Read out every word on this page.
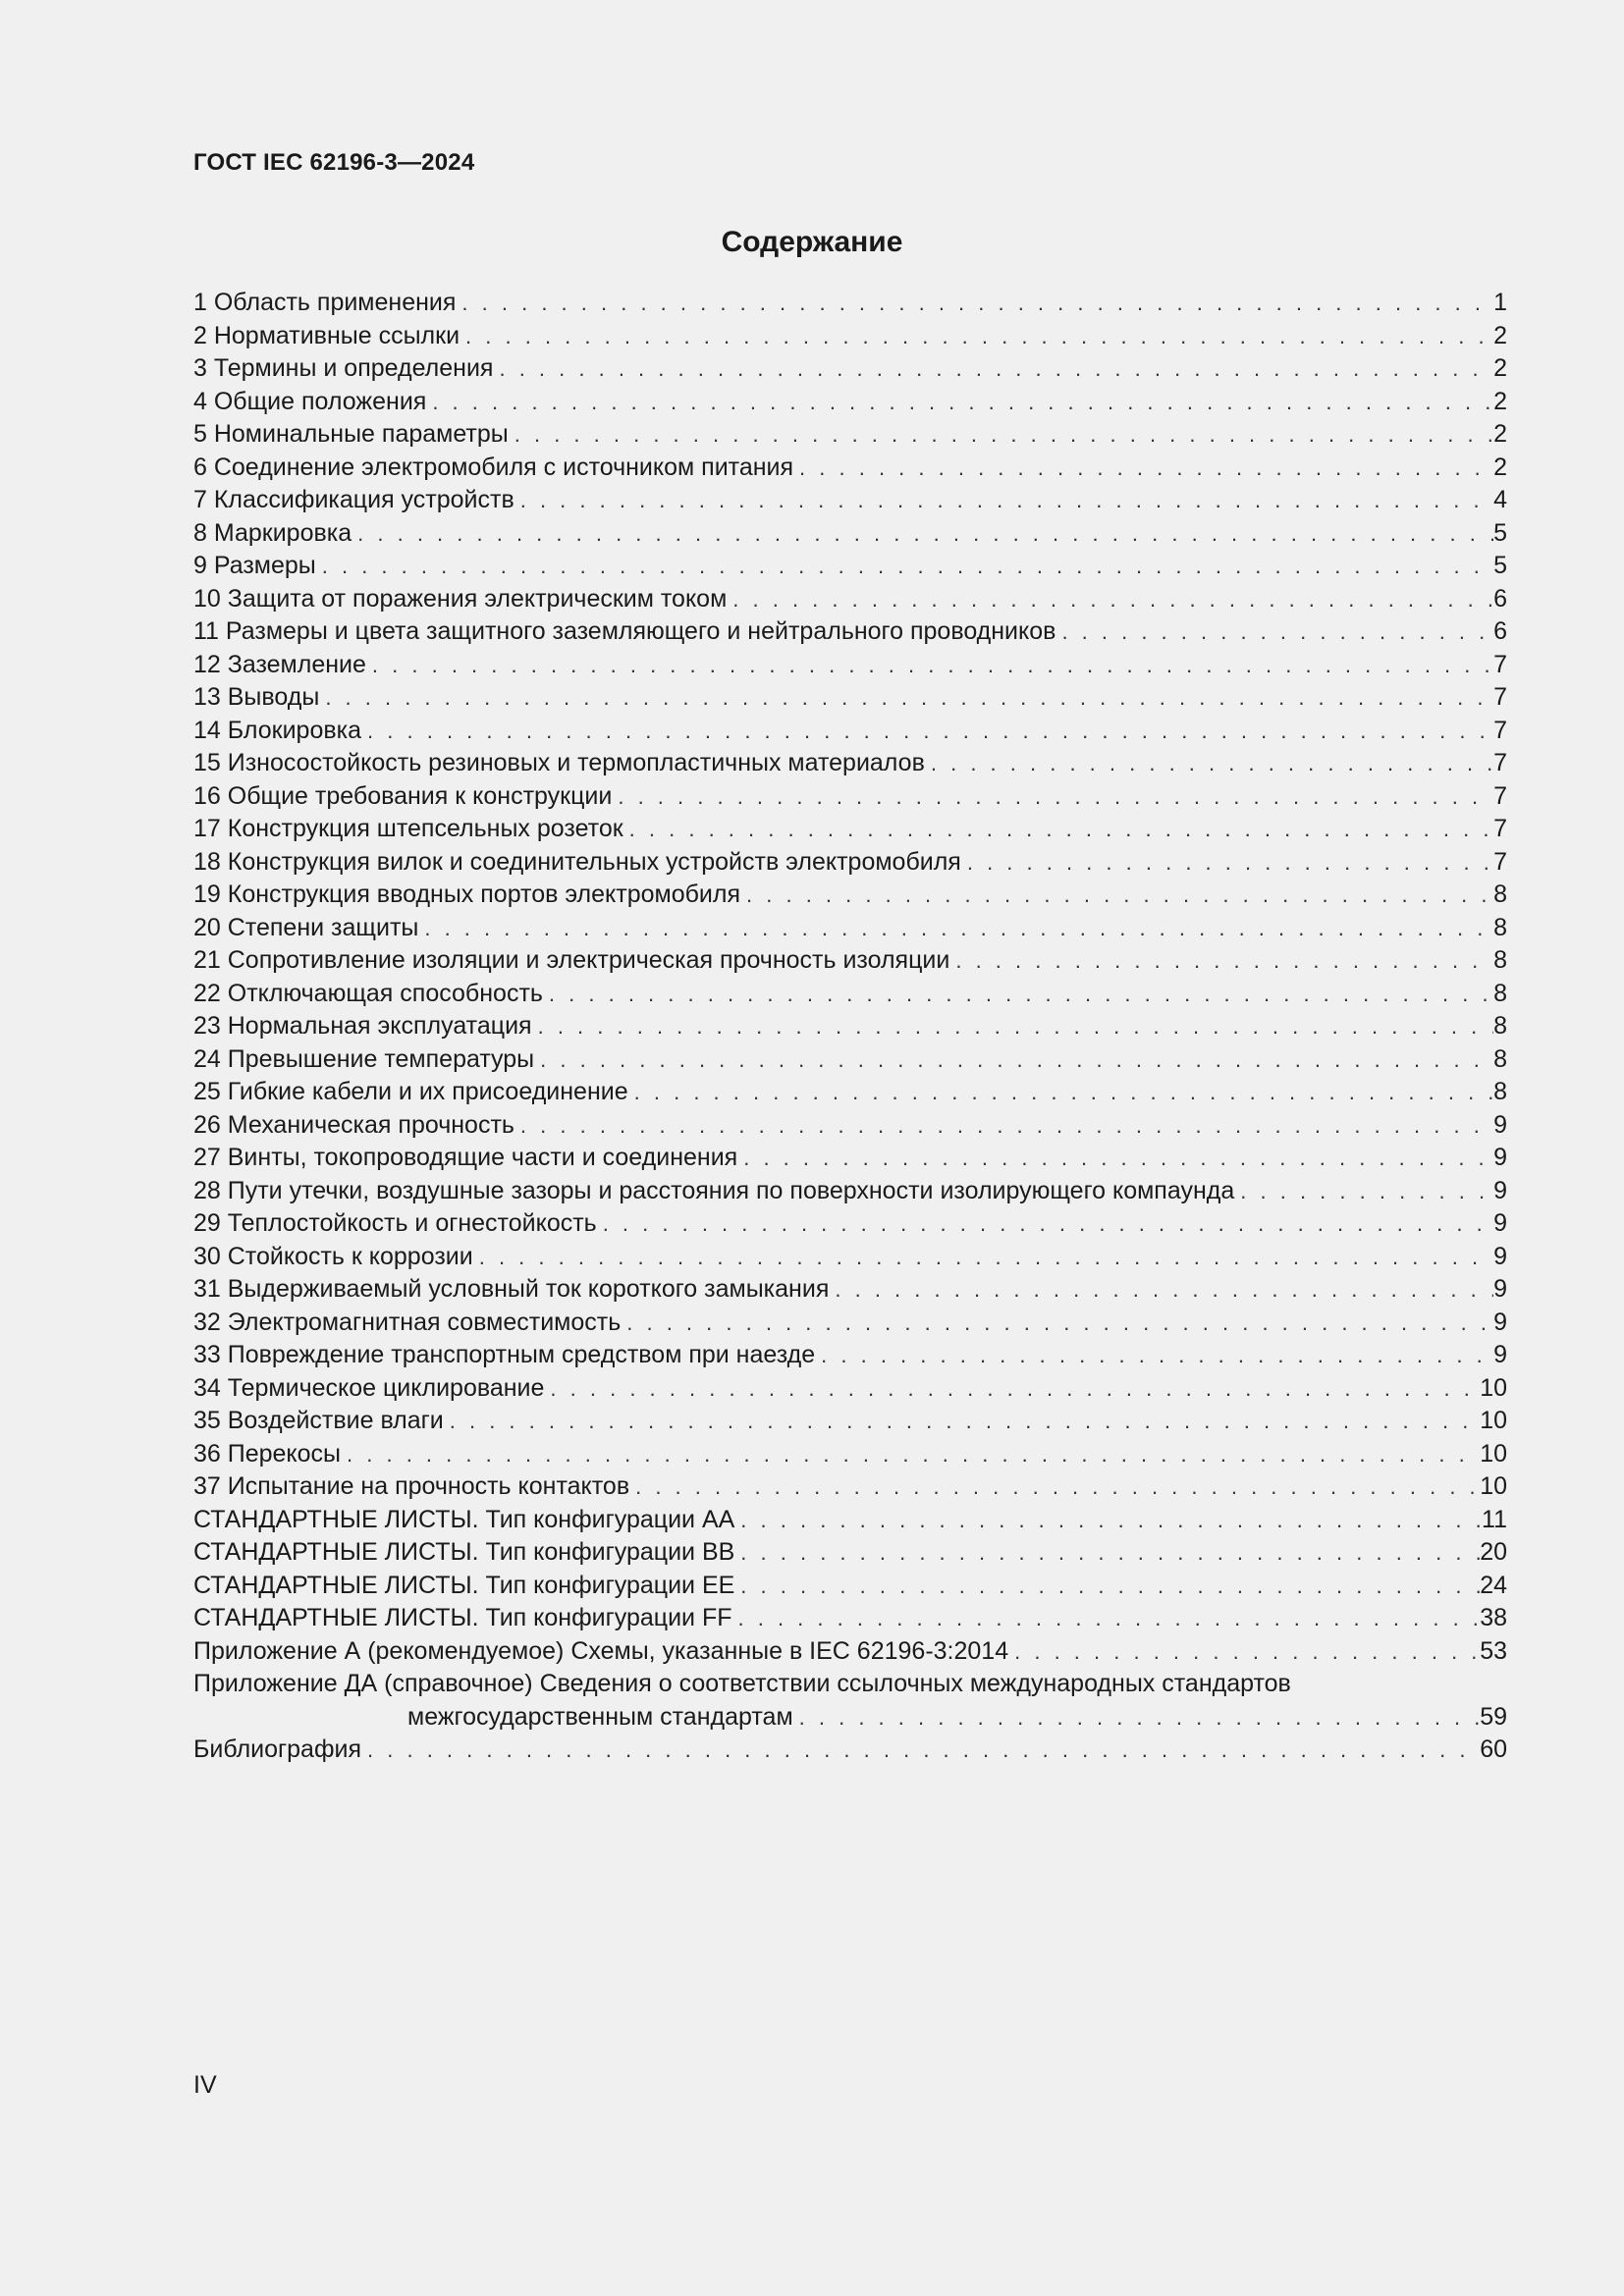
ГОСТ IEC 62196-3—2024
Содержание
1 Область применения . . .	1
2 Нормативные ссылки . . .	2
3 Термины и определения . . .	2
4 Общие положения . . .	2
5 Номинальные параметры . . .	2
6 Соединение электромобиля с источником питания . . .	2
7 Классификация устройств . . .	4
8 Маркировка . . .	5
9 Размеры . . .	5
10 Защита от поражения электрическим током . . .	6
11 Размеры и цвета защитного заземляющего и нейтрального проводников . . .	6
12 Заземление . . .	7
13 Выводы . . .	7
14 Блокировка . . .	7
15 Износостойкость резиновых и термопластичных материалов . . .	7
16 Общие требования к конструкции . . .	7
17 Конструкция штепсельных розеток . . .	7
18 Конструкция вилок и соединительных устройств электромобиля . . .	7
19 Конструкция вводных портов электромобиля . . .	8
20 Степени защиты . . .	8
21 Сопротивление изоляции и электрическая прочность изоляции . . .	8
22 Отключающая способность . . .	8
23 Нормальная эксплуатация . . .	8
24 Превышение температуры . . .	8
25 Гибкие кабели и их присоединение . . .	8
26 Механическая прочность . . .	9
27 Винты, токопроводящие части и соединения . . .	9
28 Пути утечки, воздушные зазоры и расстояния по поверхности изолирующего компаунда . . .	9
29 Теплостойкость и огнестойкость . . .	9
30 Стойкость к коррозии . . .	9
31 Выдерживаемый условный ток короткого замыкания . . .	9
32 Электромагнитная совместимость . . .	9
33 Повреждение транспортным средством при наезде . . .	9
34 Термическое циклирование . . .	10
35 Воздействие влаги . . .	10
36 Перекосы . . .	10
37 Испытание на прочность контактов . . .	10
СТАНДАРТНЫЕ ЛИСТЫ. Тип конфигурации АА . . .	11
СТАНДАРТНЫЕ ЛИСТЫ. Тип конфигурации ВВ . . .	20
СТАНДАРТНЫЕ ЛИСТЫ. Тип конфигурации ЕЕ . . .	24
СТАНДАРТНЫЕ ЛИСТЫ. Тип конфигурации FF . . .	38
Приложение А (рекомендуемое) Схемы, указанные в IEC 62196-3:2014 . . .	53
Приложение ДА (справочное) Сведения о соответствии ссылочных международных стандартов
межгосударственным стандартам . . .	59
Библиография . . .	60
IV
